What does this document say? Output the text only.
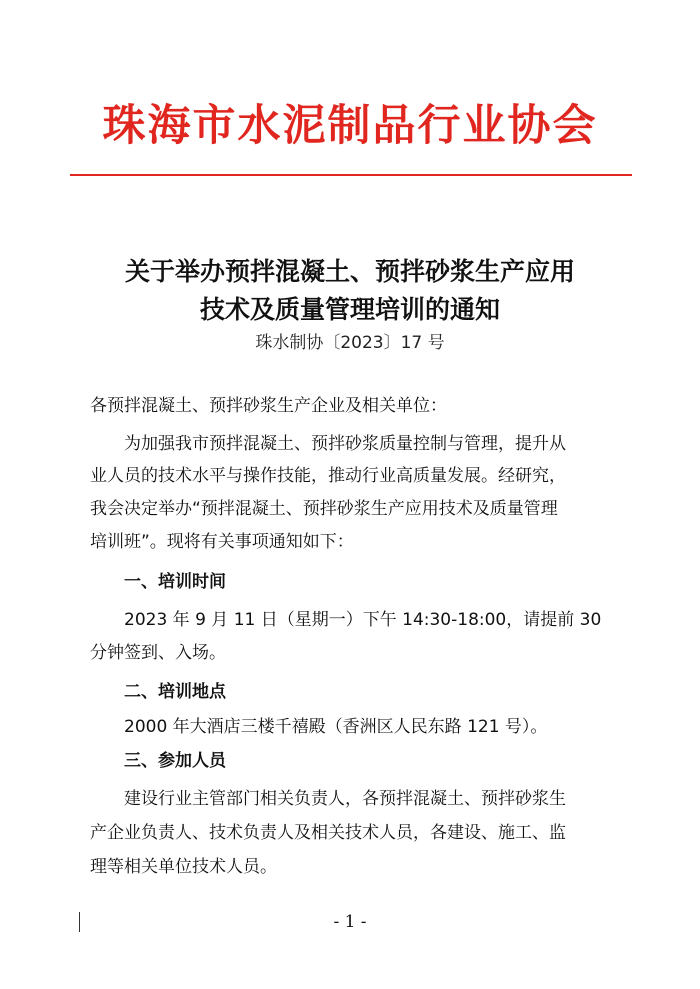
珠海市水泥制品行业协会
关于举办预拌混凝土、预拌砂浆生产应用
技术及质量管理培训的通知
珠水制协〔2023〕17 号
各预拌混凝土、预拌砂浆生产企业及相关单位：
　　为加强我市预拌混凝土、预拌砂浆质量控制与管理，提升从
业人员的技术水平与操作技能，推动行业高质量发展。经研究，
我会决定举办“预拌混凝土、预拌砂浆生产应用技术及质量管理
培训班”。现将有关事项通知如下：
　　一、培训时间
　　2023 年 9 月 11 日（星期一）下午 14:30-18:00，请提前 30
分钟签到、入场。
　　二、培训地点
　　2000 年大酒店三楼千禧殿（香洲区人民东路 121 号）。
　　三、参加人员
　　建设行业主管部门相关负责人，各预拌混凝土、预拌砂浆生
产企业负责人、技术负责人及相关技术人员，各建设、施工、监
理等相关单位技术人员。
- 1 -
